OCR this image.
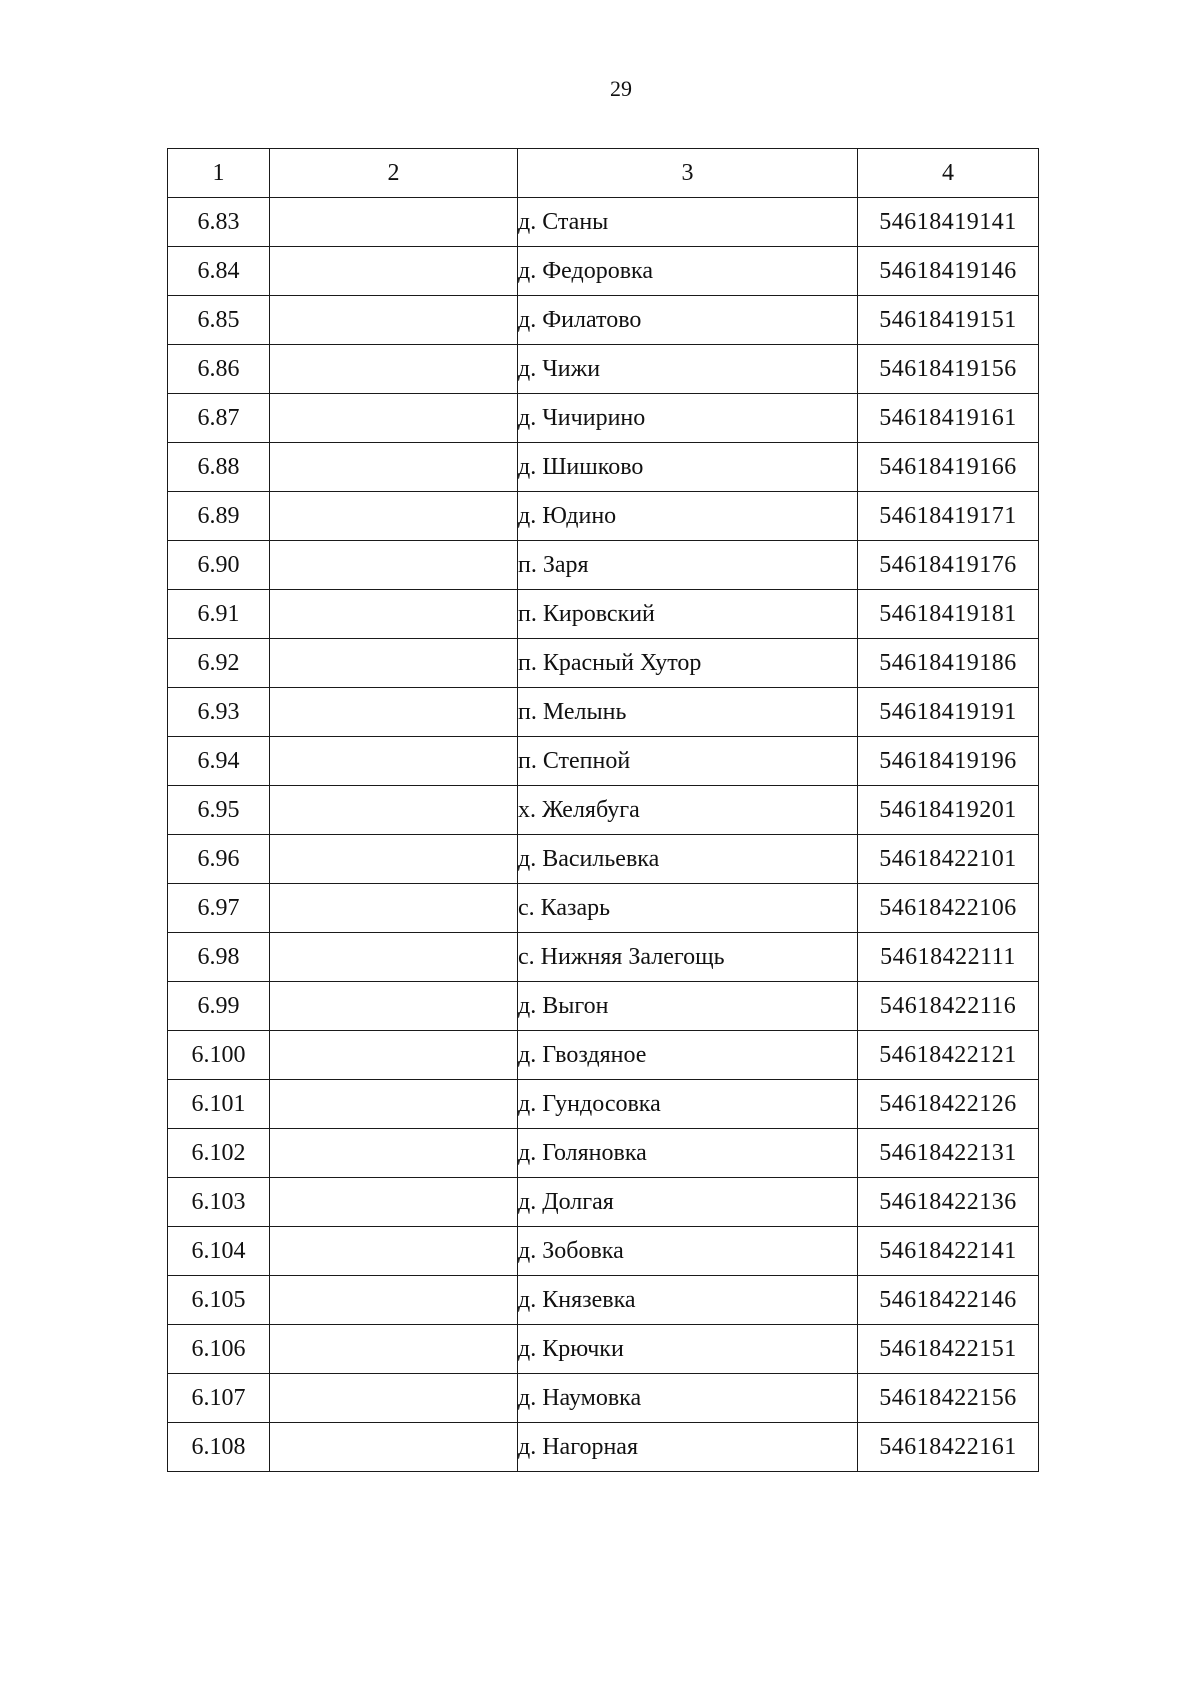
29
1	2	3	4
6.83		д. Станы	54618419141
6.84		д. Федоровка	54618419146
6.85		д. Филатово	54618419151
6.86		д. Чижи	54618419156
6.87		д. Чичирино	54618419161
6.88		д. Шишково	54618419166
6.89		д. Юдино	54618419171
6.90		п. Заря	54618419176
6.91		п. Кировский	54618419181
6.92		п. Красный Хутор	54618419186
6.93		п. Мелынь	54618419191
6.94		п. Степной	54618419196
6.95		х. Желябуга	54618419201
6.96		д. Васильевка	54618422101
6.97		с. Казарь	54618422106
6.98		с. Нижняя Залегощь	54618422111
6.99		д. Выгон	54618422116
6.100		д. Гвоздяное	54618422121
6.101		д. Гундосовка	54618422126
6.102		д. Голяновка	54618422131
6.103		д. Долгая	54618422136
6.104		д. Зобовка	54618422141
6.105		д. Князевка	54618422146
6.106		д. Крючки	54618422151
6.107		д. Наумовка	54618422156
6.108		д. Нагорная	54618422161
